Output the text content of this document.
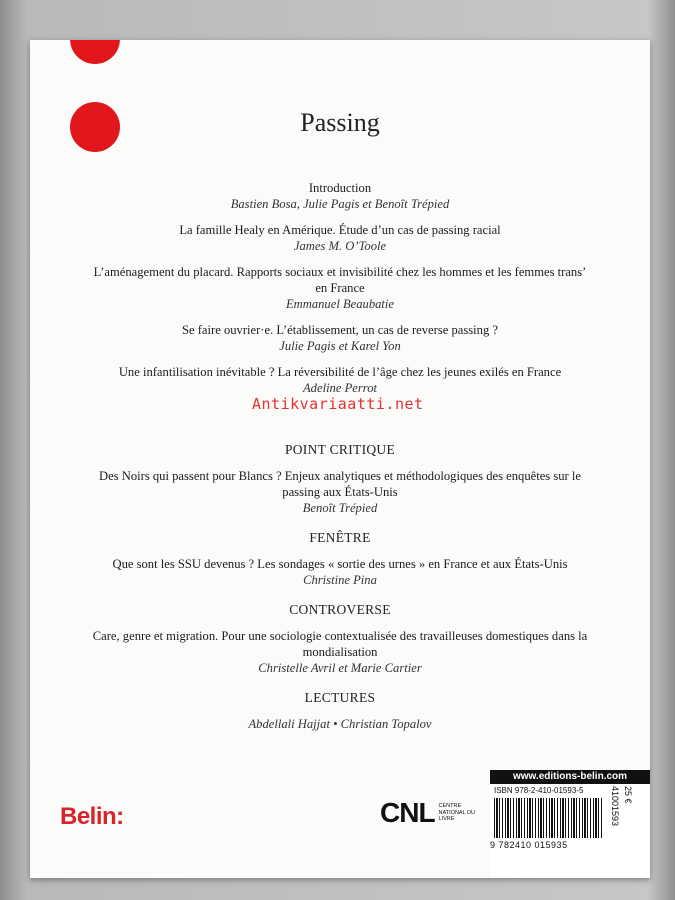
Passing
Introduction
Bastien Bosa, Julie Pagis et Benoît Trépied
La famille Healy en Amérique. Étude d’un cas de passing racial
James M. O’Toole
L’aménagement du placard. Rapports sociaux et invisibilité chez les hommes et les femmes trans’ en France
Emmanuel Beaubatie
Se faire ouvrier·e. L’établissement, un cas de reverse passing ?
Julie Pagis et Karel Yon
Une infantilisation inévitable ? La réversibilité de l’âge chez les jeunes exilés en France
Adeline Perrot
POINT CRITIQUE
Des Noirs qui passent pour Blancs ? Enjeux analytiques et méthodologiques des enquêtes sur le passing aux États-Unis
Benoît Trépied
FENÊTRE
Que sont les SSU devenus ? Les sondages « sortie des urnes » en France et aux États-Unis
Christine Pina
CONTROVERSE
Care, genre et migration. Pour une sociologie contextualisée des travailleuses domestiques dans la mondialisation
Christelle Avril et Marie Cartier
LECTURES
Abdellali Hajjat • Christian Topalov
Antikvariaatti.net
Belin:	CNL CENTRE NATIONAL DU LIVRE
www.editions-belin.com
ISBN 978-2-410-01593-5
9 782410 015935
41001593 25 €
